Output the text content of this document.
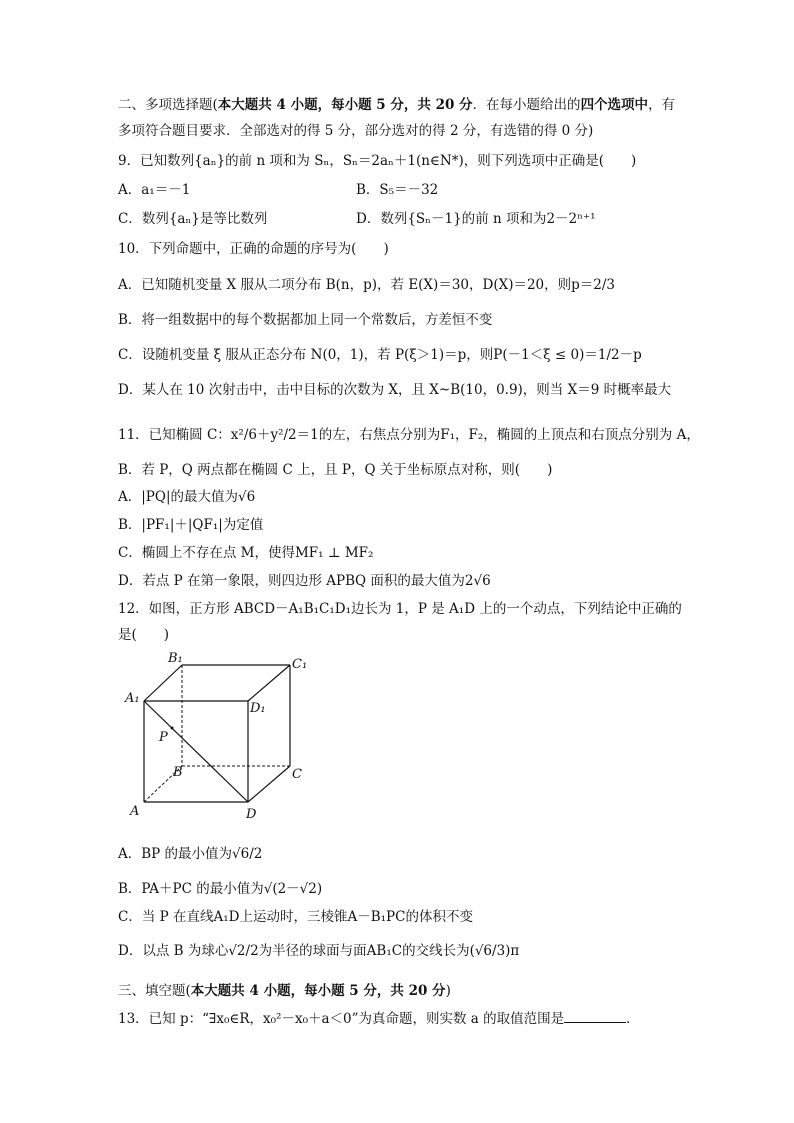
二、多项选择题(本大题共 4 小题，每小题 5 分，共 20 分．在每小题给出的四个选项中，有
多项符合题目要求．全部选对的得 5 分，部分选对的得 2 分，有选错的得 0 分)
9．已知数列{aₙ}的前 n 项和为 Sₙ，Sₙ＝2aₙ＋1(n∈N*)，则下列选项中正确是(　　)
A．a₁＝－1	B．S₅＝－32
C．数列{aₙ}是等比数列	D．数列{Sₙ－1}的前 n 项和为2－2ⁿ⁺¹
10．下列命题中，正确的命题的序号为(　　)
A．已知随机变量 X 服从二项分布 B(n，p)，若 E(X)＝30，D(X)＝20，则p＝2/3
B．将一组数据中的每个数据都加上同一个常数后，方差恒不变
C．设随机变量 ξ 服从正态分布 N(0，1)，若 P(ξ＞1)＝p，则P(－1＜ξ ≤ 0)＝1/2－p
D．某人在 10 次射击中，击中目标的次数为 X，且 X~B(10，0.9)，则当 X＝9 时概率最大
11．已知椭圆 C：x²/6＋y²/2＝1的左，右焦点分别为F₁，F₂，椭圆的上顶点和右顶点分别为 A，
B．若 P，Q 两点都在椭圆 C 上，且 P，Q 关于坐标原点对称，则(　　)
A．|PQ|的最大值为√6
B．|PF₁|＋|QF₁|为定值
C．椭圆上不存在点 M，使得MF₁ ⊥ MF₂
D．若点 P 在第一象限，则四边形 APBQ 面积的最大值为2√6
12．如图，正方形 ABCD－A₁B₁C₁D₁边长为 1，P 是 A₁D 上的一个动点，下列结论中正确的
是(　　)
B₁	C₁
A₁
D₁
P
B	C
A	D
A．BP 的最小值为√6/2
B．PA＋PC 的最小值为√(2－√2)
C．当 P 在直线A₁D上运动时，三棱锥A－B₁PC的体积不变
D．以点 B 为球心√2/2为半径的球面与面AB₁C的交线长为(√6/3)π
三、填空题(本大题共 4 小题，每小题 5 分，共 20 分)
13．已知 p：“∃x₀∈R，x₀²－x₀＋a＜0”为真命题，则实数 a 的取值范围是	．
